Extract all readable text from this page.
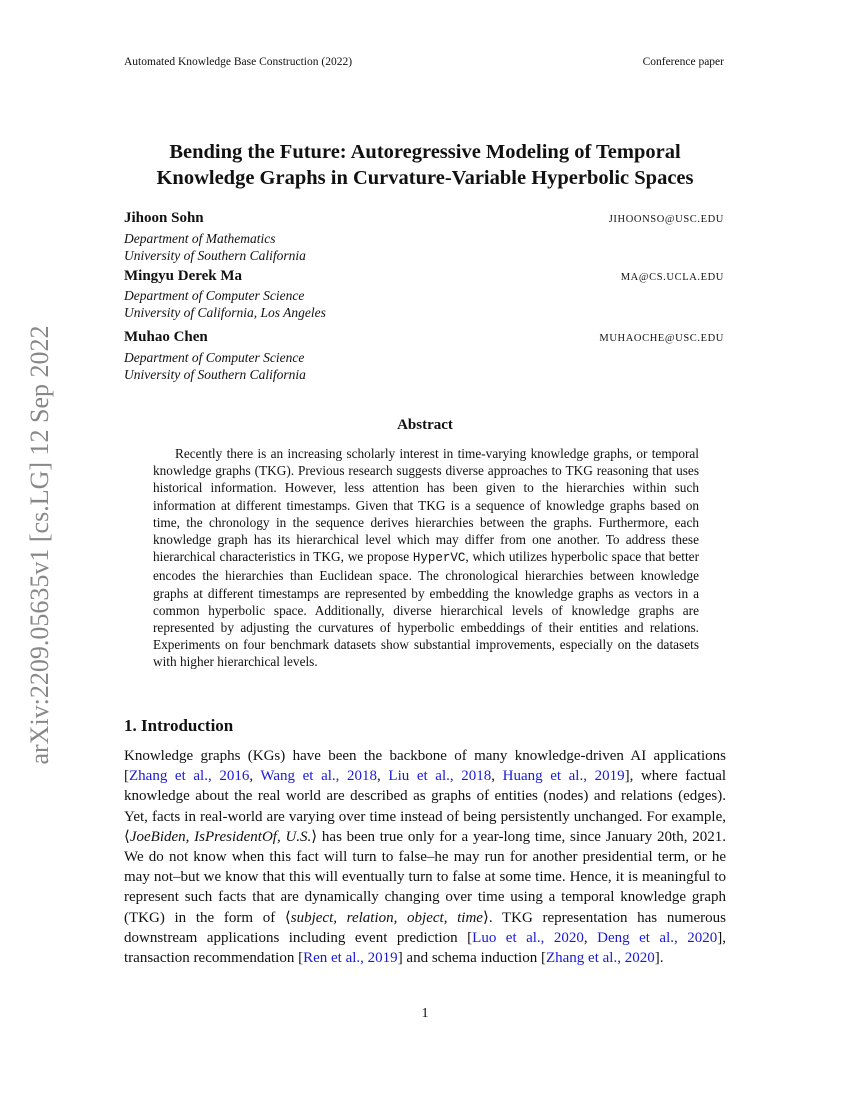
Automated Knowledge Base Construction (2022)	Conference paper
arXiv:2209.05635v1 [cs.LG] 12 Sep 2022
Bending the Future: Autoregressive Modeling of Temporal
Knowledge Graphs in Curvature-Variable Hyperbolic Spaces
Jihoon Sohn	JIHOONSO@USC.EDU
Department of Mathematics
University of Southern California
Mingyu Derek Ma	MA@CS.UCLA.EDU
Department of Computer Science
University of California, Los Angeles
Muhao Chen	MUHAOCHE@USC.EDU
Department of Computer Science
University of Southern California
Abstract
Recently there is an increasing scholarly interest in time-varying knowledge graphs, or temporal knowledge graphs (TKG). Previous research suggests diverse approaches to TKG reasoning that uses historical information. However, less attention has been given to the hierarchies within such information at different timestamps. Given that TKG is a sequence of knowledge graphs based on time, the chronology in the sequence derives hierarchies between the graphs. Furthermore, each knowledge graph has its hierarchical level which may differ from one another. To address these hierarchical characteristics in TKG, we propose HyperVC, which utilizes hyperbolic space that better encodes the hierarchies than Euclidean space. The chronological hierarchies between knowledge graphs at different timestamps are represented by embedding the knowledge graphs as vectors in a common hyperbolic space. Additionally, diverse hierarchical levels of knowledge graphs are represented by adjusting the curvatures of hyperbolic embeddings of their entities and relations. Experiments on four benchmark datasets show substantial improvements, especially on the datasets with higher hierarchical levels.
1. Introduction
Knowledge graphs (KGs) have been the backbone of many knowledge-driven AI applications [Zhang et al., 2016, Wang et al., 2018, Liu et al., 2018, Huang et al., 2019], where factual knowledge about the real world are described as graphs of entities (nodes) and relations (edges). Yet, facts in real-world are varying over time instead of being persistently unchanged. For example, ⟨JoeBiden, IsPresidentOf, U.S.⟩ has been true only for a year-long time, since January 20th, 2021. We do not know when this fact will turn to false–he may run for another presidential term, or he may not–but we know that this will eventually turn to false at some time. Hence, it is meaningful to represent such facts that are dynamically changing over time using a temporal knowledge graph (TKG) in the form of ⟨subject, relation, object, time⟩. TKG representation has numerous downstream applications including event prediction [Luo et al., 2020, Deng et al., 2020], transaction recommendation [Ren et al., 2019] and schema induction [Zhang et al., 2020].
1
